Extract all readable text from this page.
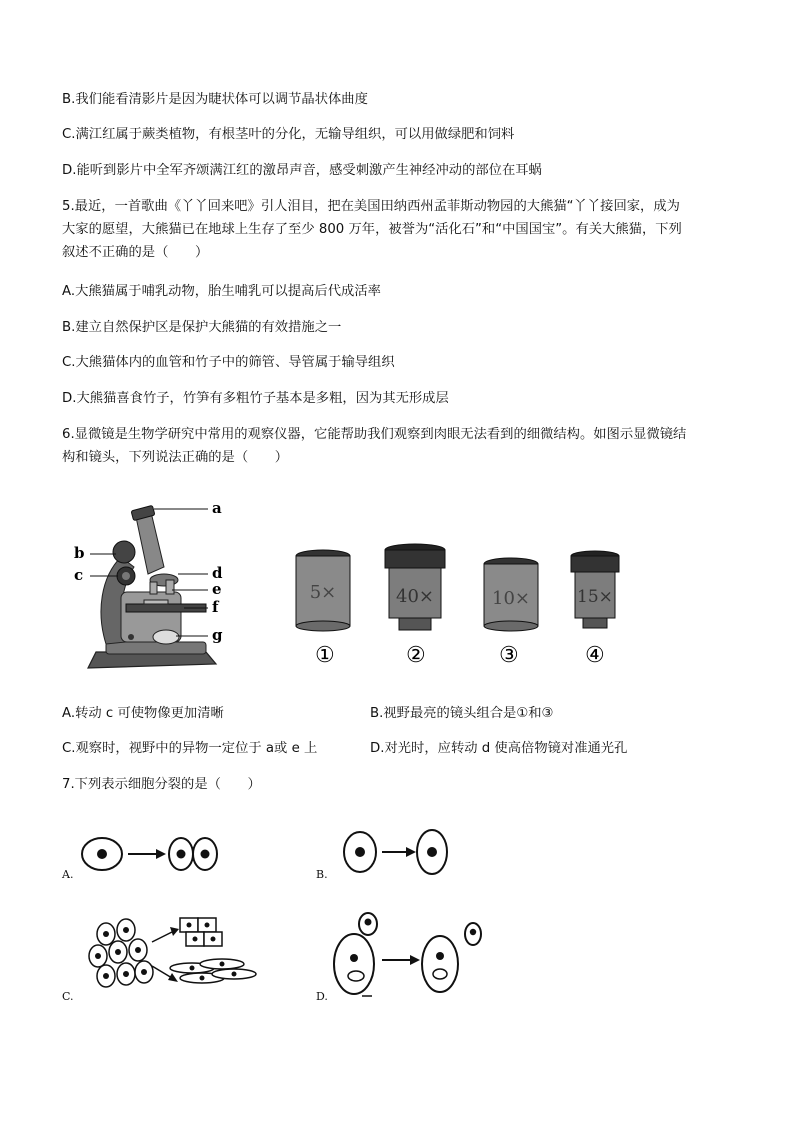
B.我们能看清影片是因为睫状体可以调节晶状体曲度
C.满江红属于蕨类植物，有根茎叶的分化，无输导组织，可以用做绿肥和饲料
D.能听到影片中全军齐颂满江红的激昂声音，感受刺激产生神经冲动的部位在耳蜗
5.最近，一首歌曲《丫丫回来吧》引人泪目，把在美国田纳西州孟菲斯动物园的大熊猫“丫丫接回家，成为
大家的愿望，大熊猫已在地球上生存了至少 800 万年，被誉为“活化石”和“中国国宝”。有关大熊猫，下列
叙述不正确的是（　　）
A.大熊猫属于哺乳动物，胎生哺乳可以提高后代成活率
B.建立自然保护区是保护大熊猫的有效措施之一
C.大熊猫体内的血管和竹子中的筛管、导管属于输导组织
D.大熊猫喜食竹子，竹笋有多粗竹子基本是多粗，因为其无形成层
6.显微镜是生物学研究中常用的观察仪器，它能帮助我们观察到肉眼无法看到的细微结构。如图示显微镜结
构和镜头，下列说法正确的是（　　）
a
b
c	d
e
f
g
5×
①
40×
②
10×
③
15×
④
A.转动 c 可使物像更加清晰	B.视野最亮的镜头组合是①和③
C.观察时，视野中的异物一定位于 a或 e 上	D.对光时，应转动 d 使高倍物镜对准通光孔
7.下列表示细胞分裂的是（　　）
A.	B.
C.	D.
